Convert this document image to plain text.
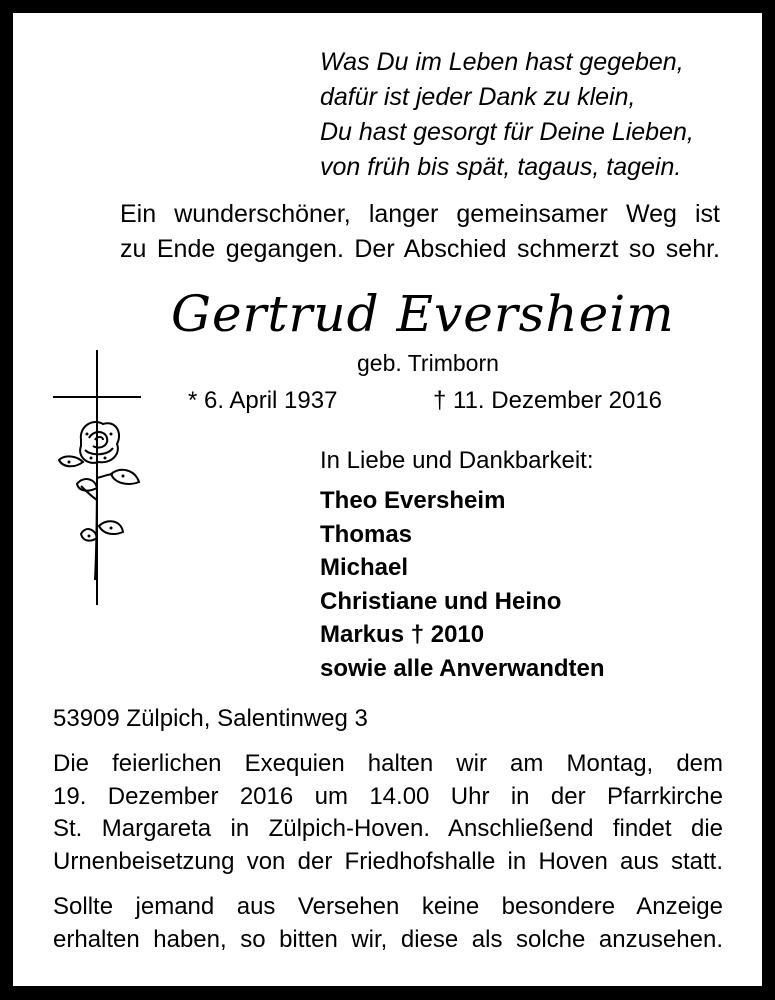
Was Du im Leben hast gegeben,
dafür ist jeder Dank zu klein,
Du hast gesorgt für Deine Lieben,
von früh bis spät, tagaus, tagein.
Ein wunderschöner, langer gemeinsamer Weg ist
zu Ende gegangen. Der Abschied schmerzt so sehr.
Gertrud Eversheim
geb. Trimborn
* 6. April 1937	† 11. Dezember 2016
In Liebe und Dankbarkeit:
Theo Eversheim
Thomas
Michael
Christiane und Heino
Markus † 2010
sowie alle Anverwandten
53909 Zülpich, Salentinweg 3
Die feierlichen Exequien halten wir am Montag, dem
19. Dezember 2016 um 14.00 Uhr in der Pfarrkirche
St. Margareta in Zülpich-Hoven. Anschließend findet die
Urnenbeisetzung von der Friedhofshalle in Hoven aus statt.
Sollte jemand aus Versehen keine besondere Anzeige
erhalten haben, so bitten wir, diese als solche anzusehen.
